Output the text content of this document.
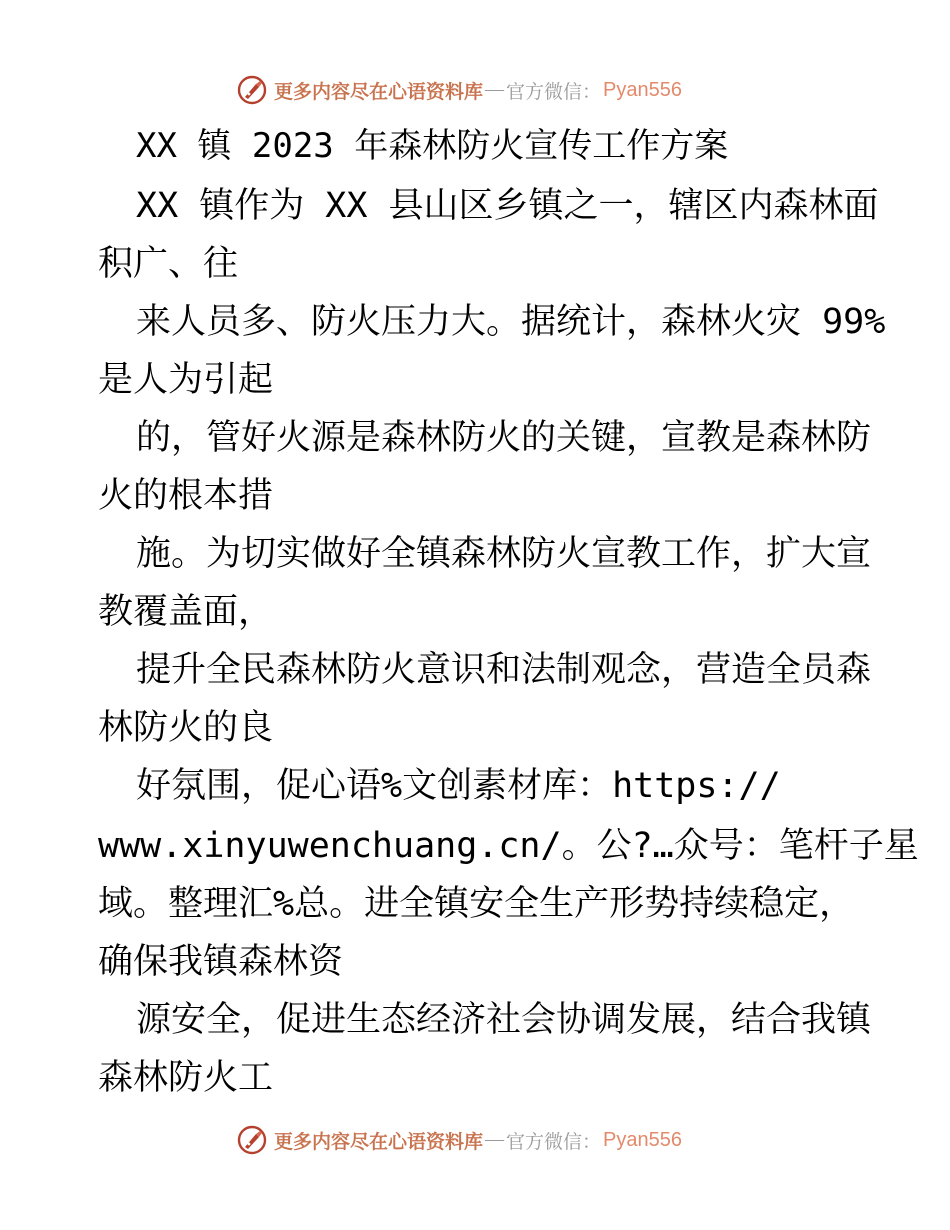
更多内容尽在心语资料库 — 官方微信： Pyan556
XX 镇 2023 年森林防火宣传工作方案
XX 镇作为 XX 县山区乡镇之一，辖区内森林面
积广、往
来人员多、防火压力大。据统计，森林火灾 99%
是人为引起
的，管好火源是森林防火的关键，宣教是森林防
火的根本措
施。为切实做好全镇森林防火宣教工作，扩大宣
教覆盖面，
提升全民森林防火意识和法制观念，营造全员森
林防火的良
好氛围，促心语%文创素材库：https://
www.xinyuwenchuang.cn/。公?…众号：笔杆子星
域。整理汇%总。进全镇安全生产形势持续稳定，
确保我镇森林资
源安全，促进生态经济社会协调发展，结合我镇
森林防火工
更多内容尽在心语资料库 — 官方微信： Pyan556
